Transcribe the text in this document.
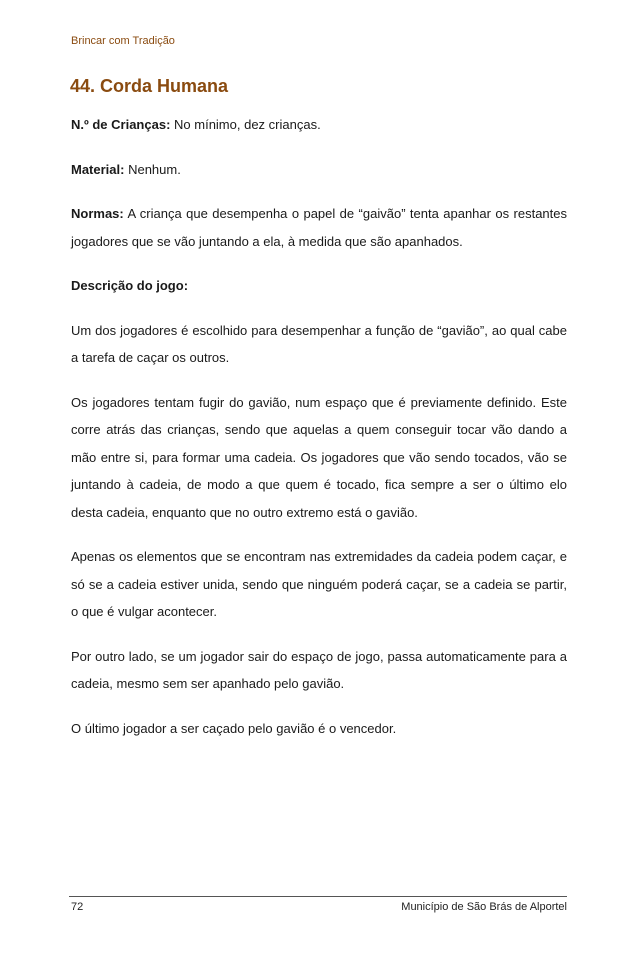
Brincar com Tradição
44. Corda Humana

N.º de Crianças: No mínimo, dez crianças.

Material: Nenhum.

Normas: A criança que desempenha o papel de “gaivão” tenta apanhar os restantes jogadores que se vão juntando a ela, à medida que são apanhados.

Descrição do jogo:

Um dos jogadores é escolhido para desempenhar a função de “gavião”, ao qual cabe a tarefa de caçar os outros.

Os jogadores tentam fugir do gavião, num espaço que é previamente definido. Este corre atrás das crianças, sendo que aquelas a quem conseguir tocar vão dando a mão entre si, para formar uma cadeia. Os jogadores que vão sendo tocados, vão se juntando à cadeia, de modo a que quem é tocado, fica sempre a ser o último elo desta cadeia, enquanto que no outro extremo está o gavião.

Apenas os elementos que se encontram nas extremidades da cadeia podem caçar, e só se a cadeia estiver unida, sendo que ninguém poderá caçar, se a cadeia se partir, o que é vulgar acontecer.

Por outro lado, se um jogador sair do espaço de jogo, passa automaticamente para a cadeia, mesmo sem ser apanhado pelo gavião.

O último jogador a ser caçado pelo gavião é o vencedor.

72	Município de São Brás de Alportel
